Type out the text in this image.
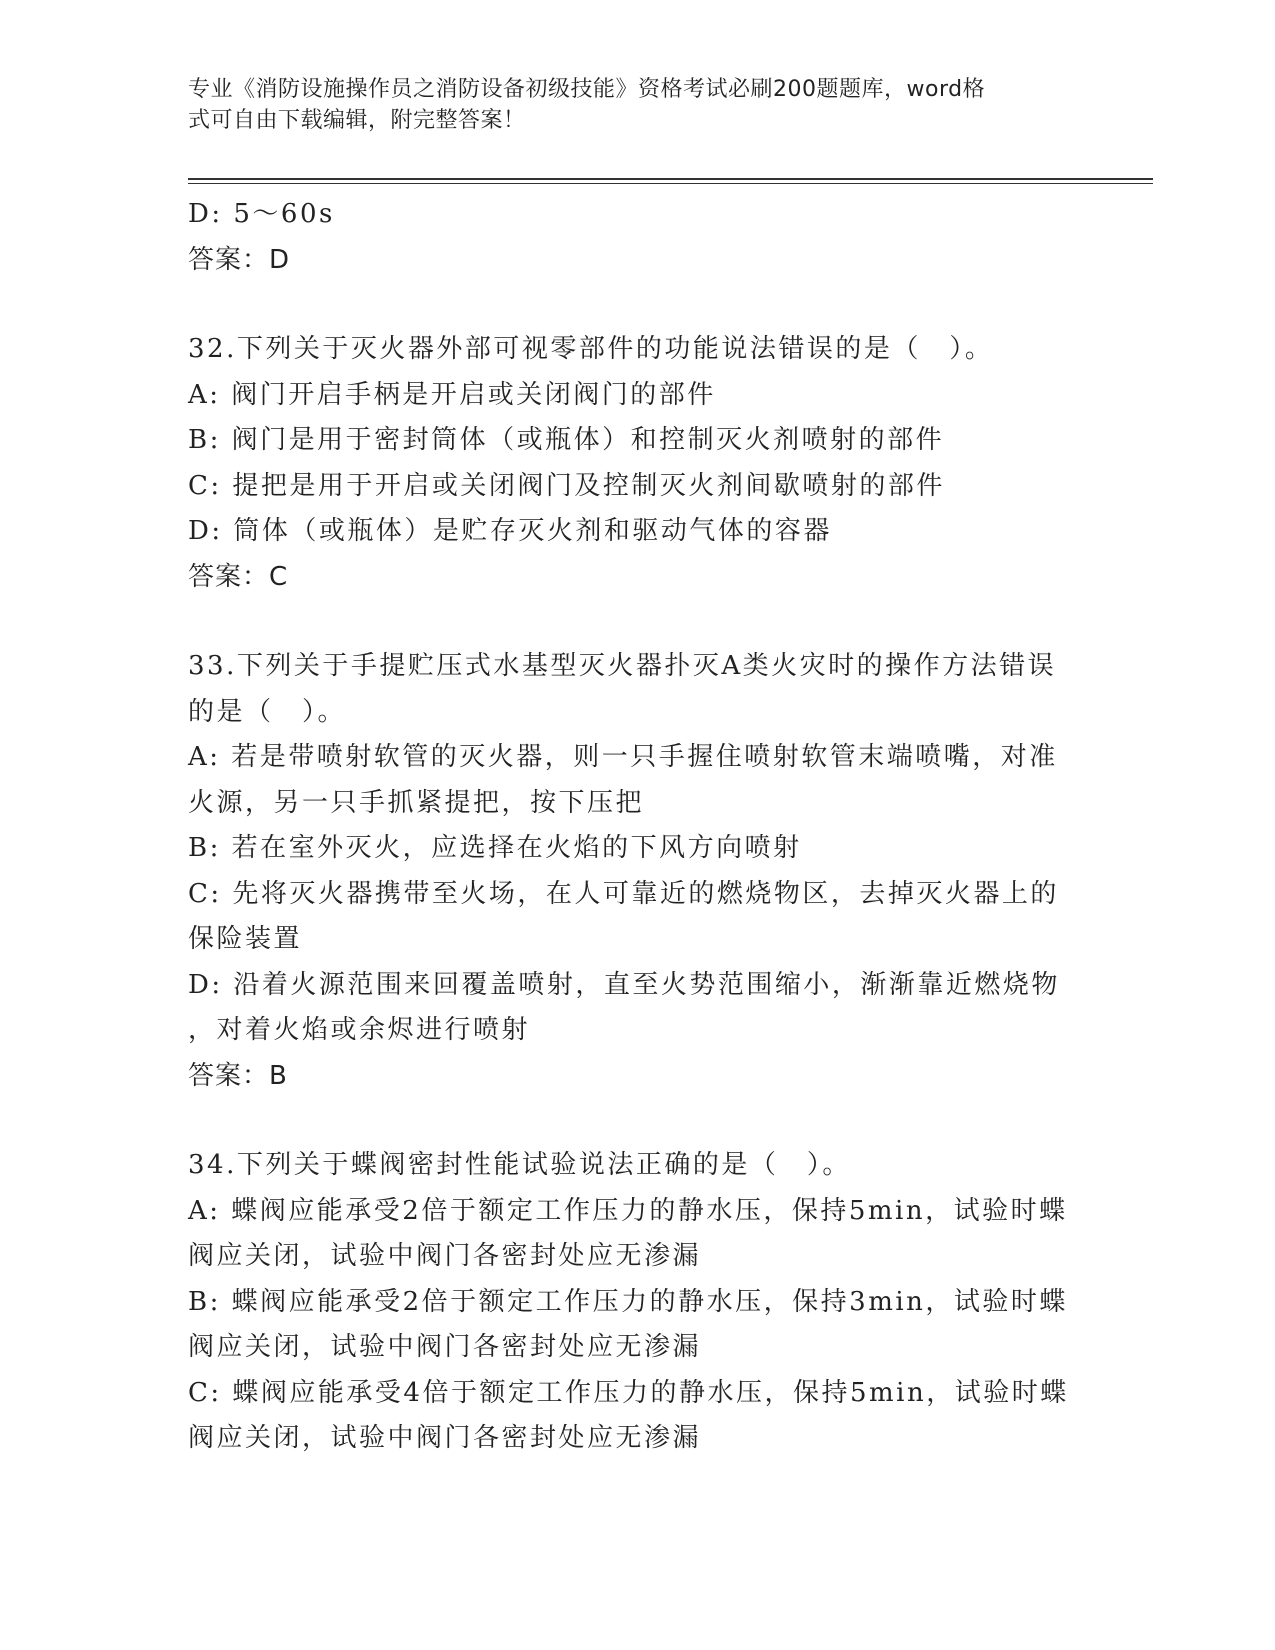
专业《消防设施操作员之消防设备初级技能》资格考试必刷200题题库，word格
式可自由下载编辑，附完整答案！
D: 5～60s
答案：D
32.下列关于灭火器外部可视零部件的功能说法错误的是（　）。
A: 阀门开启手柄是开启或关闭阀门的部件
B: 阀门是用于密封筒体（或瓶体）和控制灭火剂喷射的部件
C: 提把是用于开启或关闭阀门及控制灭火剂间歇喷射的部件
D: 筒体（或瓶体）是贮存灭火剂和驱动气体的容器
答案：C
33.下列关于手提贮压式水基型灭火器扑灭A类火灾时的操作方法错误
的是（　）。
A: 若是带喷射软管的灭火器，则一只手握住喷射软管末端喷嘴，对准
火源，另一只手抓紧提把，按下压把
B: 若在室外灭火，应选择在火焰的下风方向喷射
C: 先将灭火器携带至火场，在人可靠近的燃烧物区，去掉灭火器上的
保险装置
D: 沿着火源范围来回覆盖喷射，直至火势范围缩小，渐渐靠近燃烧物
，对着火焰或余烬进行喷射
答案：B
34.下列关于蝶阀密封性能试验说法正确的是（　）。
A: 蝶阀应能承受2倍于额定工作压力的静水压，保持5min，试验时蝶
阀应关闭，试验中阀门各密封处应无渗漏
B: 蝶阀应能承受2倍于额定工作压力的静水压，保持3min，试验时蝶
阀应关闭，试验中阀门各密封处应无渗漏
C: 蝶阀应能承受4倍于额定工作压力的静水压，保持5min，试验时蝶
阀应关闭，试验中阀门各密封处应无渗漏
